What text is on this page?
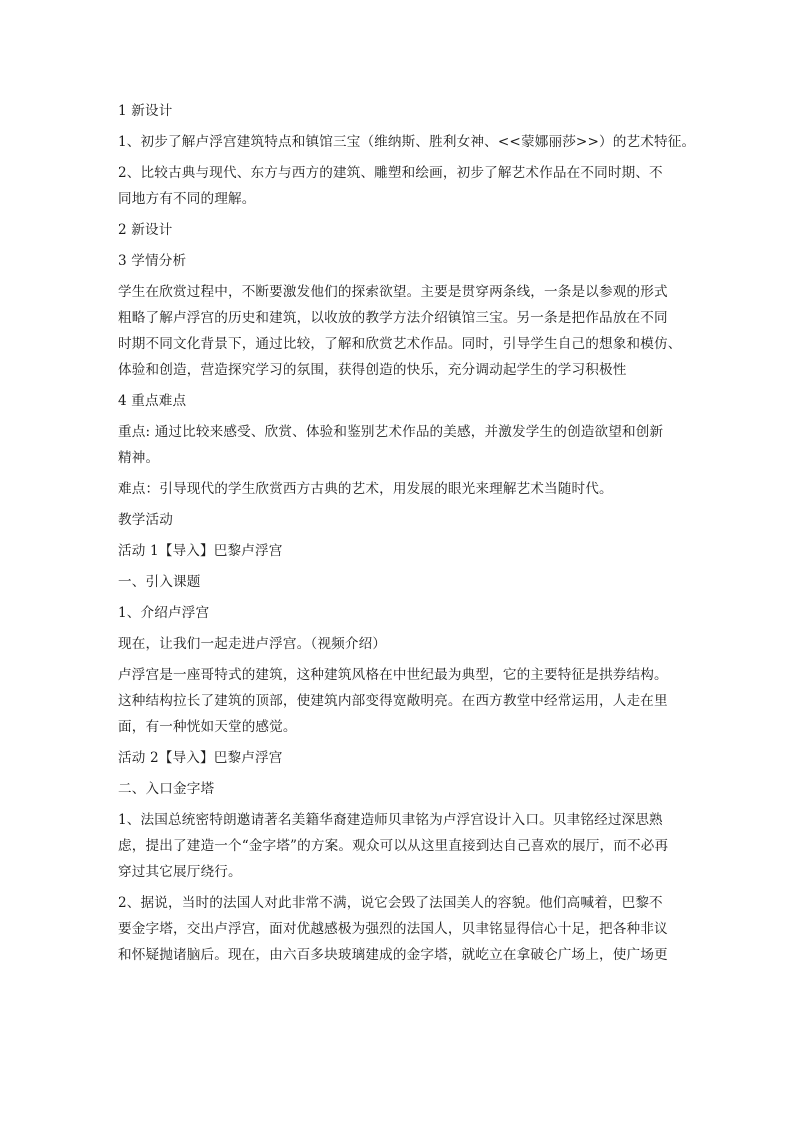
1 新设计
1、初步了解卢浮宫建筑特点和镇馆三宝（维纳斯、胜利女神、<<蒙娜丽莎>>）的艺术特征。
2、比较古典与现代、东方与西方的建筑、雕塑和绘画，初步了解艺术作品在不同时期、不
同地方有不同的理解。
2 新设计
3 学情分析
学生在欣赏过程中，不断要激发他们的探索欲望。主要是贯穿两条线，一条是以参观的形式
粗略了解卢浮宫的历史和建筑，以收放的教学方法介绍镇馆三宝。另一条是把作品放在不同
时期不同文化背景下，通过比较，了解和欣赏艺术作品。同时，引导学生自己的想象和模仿、
体验和创造，营造探究学习的氛围，获得创造的快乐，充分调动起学生的学习积极性
4 重点难点
重点: 通过比较来感受、欣赏、体验和鉴别艺术作品的美感，并激发学生的创造欲望和创新
精神。
难点：引导现代的学生欣赏西方古典的艺术，用发展的眼光来理解艺术当随时代。
教学活动
活动 1【导入】巴黎卢浮宫
一、引入课题
1、介绍卢浮宫
现在，让我们一起走进卢浮宫。（视频介绍）
卢浮宫是一座哥特式的建筑，这种建筑风格在中世纪最为典型，它的主要特征是拱券结构。
这种结构拉长了建筑的顶部，使建筑内部变得宽敞明亮。在西方教堂中经常运用，人走在里
面，有一种恍如天堂的感觉。
活动 2【导入】巴黎卢浮宫
二、入口金字塔
1、法国总统密特朗邀请著名美籍华裔建造师贝聿铭为卢浮宫设计入口。贝聿铭经过深思熟
虑，提出了建造一个“金字塔”的方案。观众可以从这里直接到达自己喜欢的展厅，而不必再
穿过其它展厅绕行。
2、据说，当时的法国人对此非常不满，说它会毁了法国美人的容貌。他们高喊着，巴黎不
要金字塔，交出卢浮宫，面对优越感极为强烈的法国人，贝聿铭显得信心十足，把各种非议
和怀疑抛诸脑后。现在，由六百多块玻璃建成的金字塔，就屹立在拿破仑广场上，使广场更
